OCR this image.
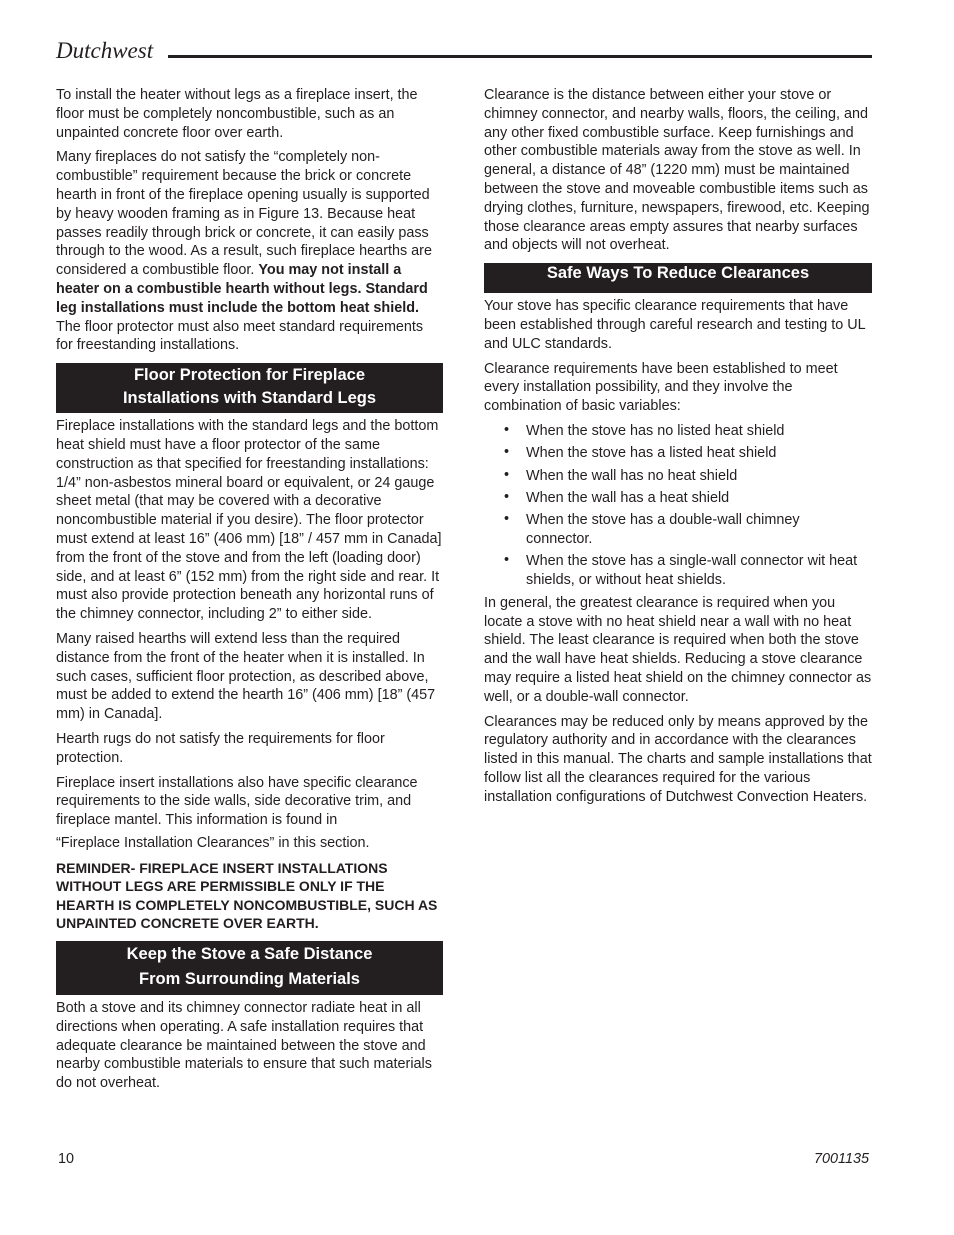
Dutchwest

To install the heater without legs as a fireplace insert, the floor must be completely noncombustible, such as an unpainted concrete floor over earth.

Many fireplaces do not satisfy the “completely non-combustible” requirement because the brick or concrete hearth in front of the fireplace opening usually is supported by heavy wooden framing as in Figure 13. Because heat passes readily through brick or concrete, it can easily pass through to the wood. As a result, such fireplace hearths are considered a combustible floor. You may not install a heater on a combustible hearth without legs. Standard leg installations must include the bottom heat shield. The floor protector must also meet standard requirements for freestanding installations.

Floor Protection for Fireplace
Installations with Standard Legs

Fireplace installations with the standard legs and the bottom heat shield must have a floor protector of the same construction as that specified for freestanding installations: 1/4” non-asbestos mineral board or equivalent, or 24 gauge sheet metal (that may be covered with a decorative noncombustible material if you desire). The floor protector must extend at least 16” (406 mm) [18” / 457 mm in Canada] from the front of the stove and from the left (loading door) side, and at least 6” (152 mm) from the right side and rear. It must also provide protection beneath any horizontal runs of the chimney connector, including 2” to either side.

Many raised hearths will extend less than the required distance from the front of the heater when it is installed. In such cases, sufficient floor protection, as described above, must be added to extend the hearth 16” (406 mm) [18” (457 mm) in Canada].

Hearth rugs do not satisfy the requirements for floor protection.

Fireplace insert installations also have specific clearance requirements to the side walls, side decorative trim, and fireplace mantel. This information is found in

“Fireplace Installation Clearances” in this section.

REMINDER- FIREPLACE INSERT INSTALLATIONS WITHOUT LEGS ARE PERMISSIBLE ONLY IF THE HEARTH IS COMPLETELY NONCOMBUSTIBLE, SUCH AS UNPAINTED CONCRETE OVER EARTH.

Keep the Stove a Safe Distance
From Surrounding Materials

Both a stove and its chimney connector radiate heat in all directions when operating. A safe installation requires that adequate clearance be maintained between the stove and nearby combustible materials to ensure that such materials do not overheat.

Clearance is the distance between either your stove or chimney connector, and nearby walls, floors, the ceiling, and any other fixed combustible surface. Keep furnishings and other combustible materials away from the stove as well. In general, a distance of 48” (1220 mm) must be maintained between the stove and moveable combustible items such as drying clothes, furniture, newspapers, firewood, etc. Keeping those clearance areas empty assures that nearby surfaces and objects will not overheat.

Safe Ways To Reduce Clearances

Your stove has specific clearance requirements that have been established through careful research and testing to UL and ULC standards.

Clearance requirements have been established to meet every installation possibility, and they involve the combination of basic variables:

• When the stove has no listed heat shield
• When the stove has a listed heat shield
• When the wall has no heat shield
• When the wall has a heat shield
• When the stove has a double-wall chimney connector.
• When the stove has a single-wall connector wit heat shields, or without heat shields.

In general, the greatest clearance is required when you locate a stove with no heat shield near a wall with no heat shield. The least clearance is required when both the stove and the wall have heat shields. Reducing a stove clearance may require a listed heat shield on the chimney connector as well, or a double-wall connector.

Clearances may be reduced only by means approved by the regulatory authority and in accordance with the clearances listed in this manual. The charts and sample installations that follow list all the clearances required for the various installation configurations of Dutchwest Convection Heaters.

10	7001135
